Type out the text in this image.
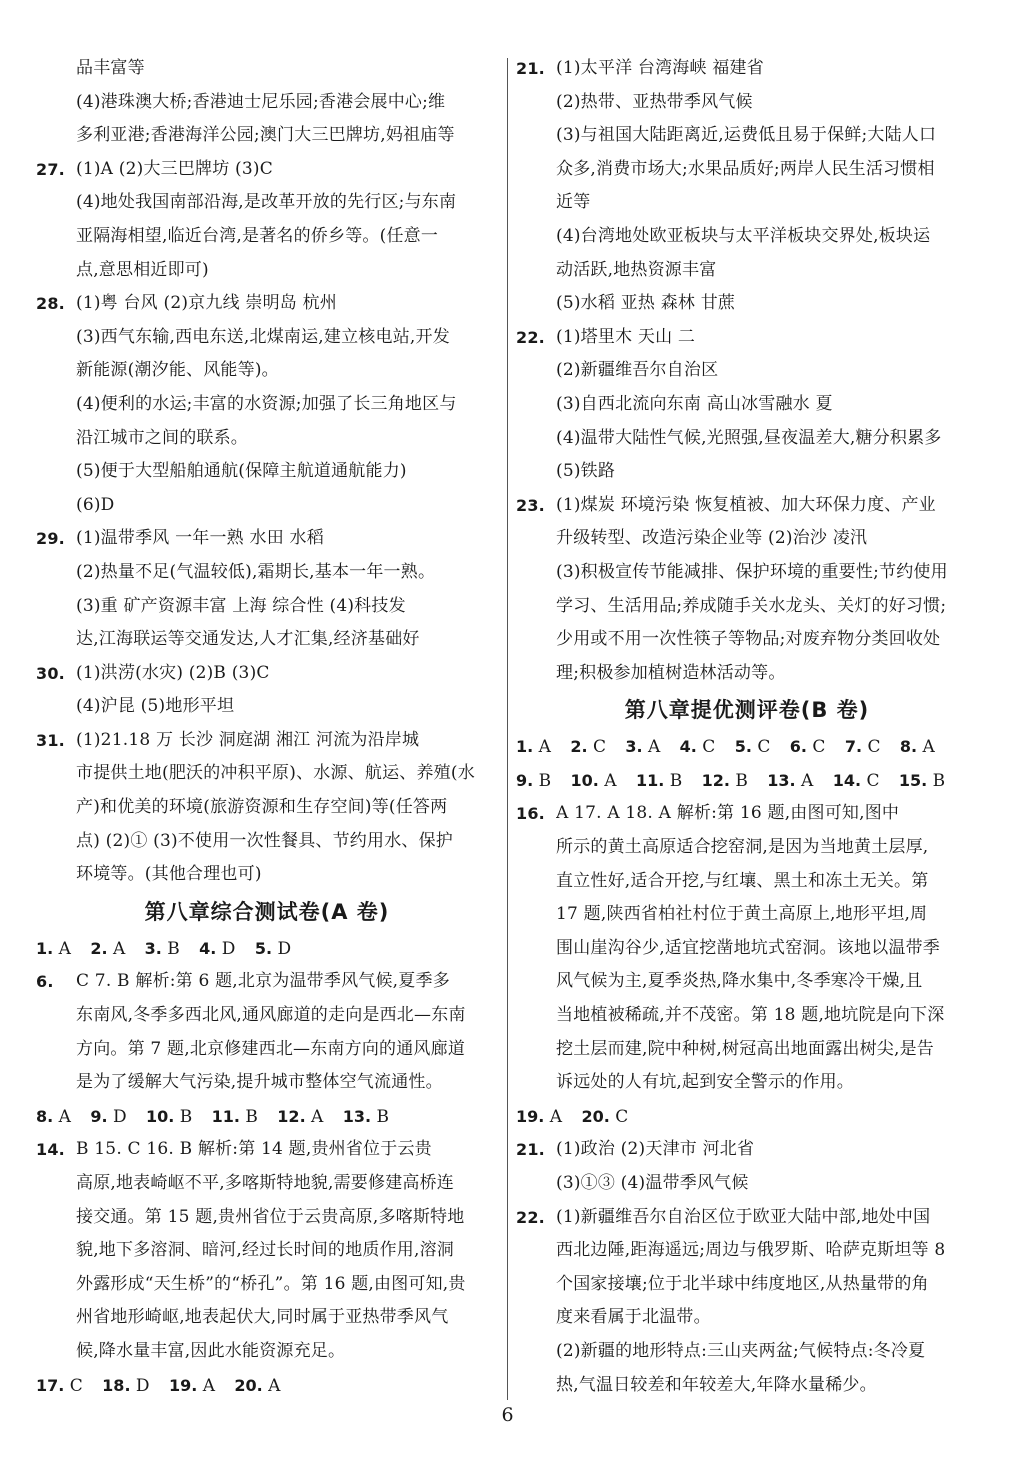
品丰富等
(4)港珠澳大桥;香港迪士尼乐园;香港会展中心;维
多利亚港;香港海洋公园;澳门大三巴牌坊,妈祖庙等
27. (1)A (2)大三巴牌坊 (3)C
(4)地处我国南部沿海,是改革开放的先行区;与东南
亚隔海相望,临近台湾,是著名的侨乡等。(任意一
点,意思相近即可)
28. (1)粤 台风 (2)京九线 崇明岛 杭州
(3)西气东输,西电东送,北煤南运,建立核电站,开发
新能源(潮汐能、风能等)。
(4)便利的水运;丰富的水资源;加强了长三角地区与
沿江城市之间的联系。
(5)便于大型船舶通航(保障主航道通航能力)
(6)D
29. (1)温带季风 一年一熟 水田 水稻
(2)热量不足(气温较低),霜期长,基本一年一熟。
(3)重 矿产资源丰富 上海 综合性 (4)科技发
达,江海联运等交通发达,人才汇集,经济基础好
30. (1)洪涝(水灾) (2)B (3)C
(4)沪昆 (5)地形平坦
31. (1)21.18 万 长沙 洞庭湖 湘江 河流为沿岸城
市提供土地(肥沃的冲积平原)、水源、航运、养殖(水
产)和优美的环境(旅游资源和生存空间)等(任答两
点) (2)① (3)不使用一次性餐具、节约用水、保护
环境等。(其他合理也可)
第八章综合测试卷(A 卷)
1. A 2. A 3. B 4. D 5. D
6. C 7. B 解析:第 6 题,北京为温带季风气候,夏季多
东南风,冬季多西北风,通风廊道的走向是西北—东南
方向。第 7 题,北京修建西北—东南方向的通风廊道
是为了缓解大气污染,提升城市整体空气流通性。
8. A 9. D 10. B 11. B 12. A 13. B
14. B 15. C 16. B 解析:第 14 题,贵州省位于云贵
高原,地表崎岖不平,多喀斯特地貌,需要修建高桥连
接交通。第 15 题,贵州省位于云贵高原,多喀斯特地
貌,地下多溶洞、暗河,经过长时间的地质作用,溶洞
外露形成“天生桥”的“桥孔”。第 16 题,由图可知,贵
州省地形崎岖,地表起伏大,同时属于亚热带季风气
候,降水量丰富,因此水能资源充足。
17. C 18. D 19. A 20. A
21. (1)太平洋 台湾海峡 福建省
(2)热带、亚热带季风气候
(3)与祖国大陆距离近,运费低且易于保鲜;大陆人口
众多,消费市场大;水果品质好;两岸人民生活习惯相
近等
(4)台湾地处欧亚板块与太平洋板块交界处,板块运
动活跃,地热资源丰富
(5)水稻 亚热 森林 甘蔗
22. (1)塔里木 天山 二
(2)新疆维吾尔自治区
(3)自西北流向东南 高山冰雪融水 夏
(4)温带大陆性气候,光照强,昼夜温差大,糖分积累多
(5)铁路
23. (1)煤炭 环境污染 恢复植被、加大环保力度、产业
升级转型、改造污染企业等 (2)治沙 凌汛
(3)积极宣传节能减排、保护环境的重要性;节约使用
学习、生活用品;养成随手关水龙头、关灯的好习惯;
少用或不用一次性筷子等物品;对废弃物分类回收处
理;积极参加植树造林活动等。
第八章提优测评卷(B 卷)
1. A 2. C 3. A 4. C 5. C 6. C 7. C 8. A
9. B 10. A 11. B 12. B 13. A 14. C 15. B
16. A 17. A 18. A 解析:第 16 题,由图可知,图中
所示的黄土高原适合挖窑洞,是因为当地黄土层厚,
直立性好,适合开挖,与红壤、黑土和冻土无关。第
17 题,陕西省柏社村位于黄土高原上,地形平坦,周
围山崖沟谷少,适宜挖凿地坑式窑洞。该地以温带季
风气候为主,夏季炎热,降水集中,冬季寒冷干燥,且
当地植被稀疏,并不茂密。第 18 题,地坑院是向下深
挖土层而建,院中种树,树冠高出地面露出树尖,是告
诉远处的人有坑,起到安全警示的作用。
19. A 20. C
21. (1)政治 (2)天津市 河北省
(3)①③ (4)温带季风气候
22. (1)新疆维吾尔自治区位于欧亚大陆中部,地处中国
西北边陲,距海遥远;周边与俄罗斯、哈萨克斯坦等 8
个国家接壤;位于北半球中纬度地区,从热量带的角
度来看属于北温带。
(2)新疆的地形特点:三山夹两盆;气候特点:冬冷夏
热,气温日较差和年较差大,年降水量稀少。
6
